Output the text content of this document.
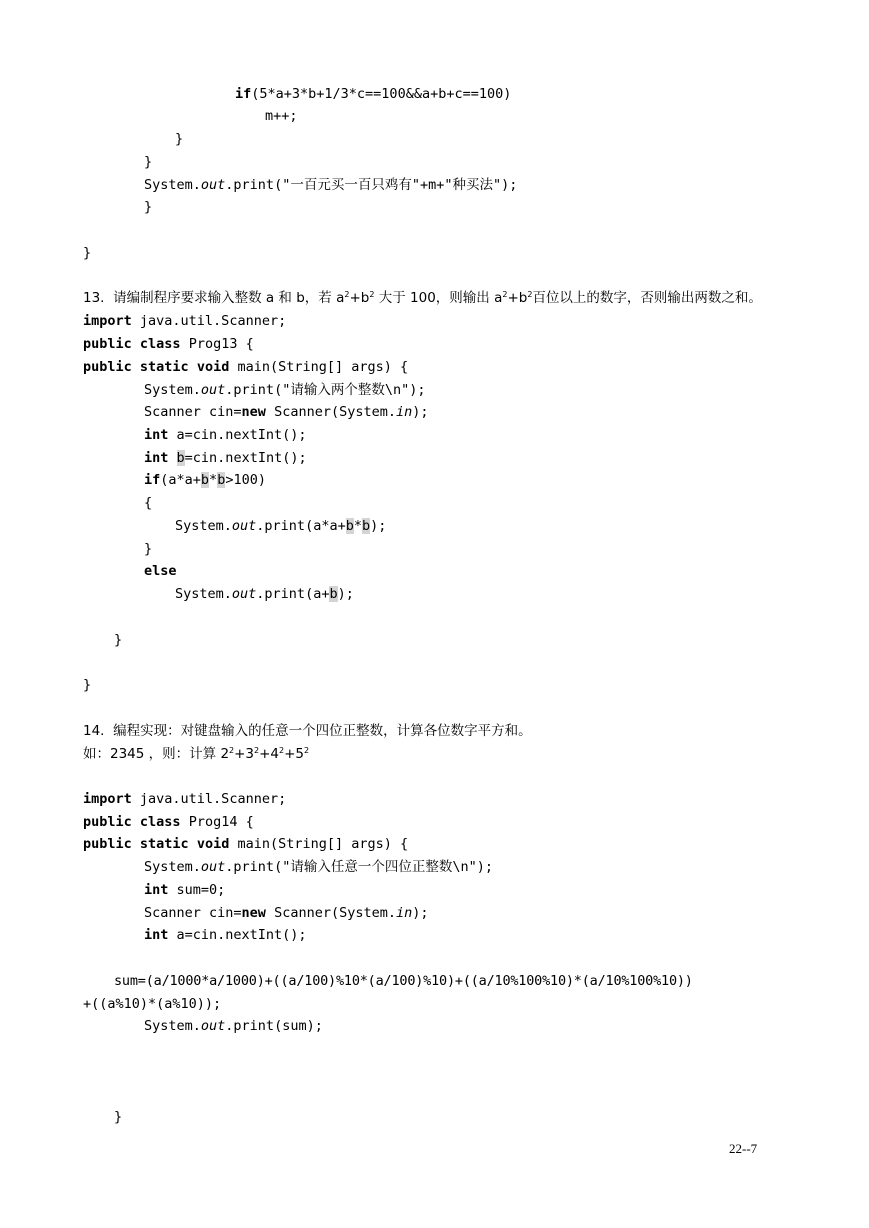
if(5*a+3*b+1/3*c==100&&a+b+c==100)
m++;
}
}
System.out.print("一百元买一百只鸡有"+m+"种买法");
}
}
13. 请编制程序要求输入整数 a 和 b，若 $a^2+b^2$ 大于 100，则输出 $a^2+b^2$百位以上的数字，否则输出两数之和。
import java.util.Scanner;
public class Prog13 {
public static void main(String[] args) {
System.out.print("请输入两个整数\n");
Scanner cin=new Scanner(System.in);
int a=cin.nextInt();
int b=cin.nextInt();
if(a*a+b*b>100)
{
System.out.print(a*a+b*b);
}
else
System.out.print(a+b);
}
}
14. 编程实现：对键盘输入的任意一个四位正整数，计算各位数字平方和。
如：2345 ，则：计算 $2^2+3^2+4^2+5^2$
import java.util.Scanner;
public class Prog14 {
public static void main(String[] args) {
System.out.print("请输入任意一个四位正整数\n");
int sum=0;
Scanner cin=new Scanner(System.in);
int a=cin.nextInt();
sum=(a/1000*a/1000)+((a/100)%10*(a/100)%10)+((a/10%100%10)*(a/10%100%10))
+((a%10)*(a%10));
System.out.print(sum);
}
22--7
